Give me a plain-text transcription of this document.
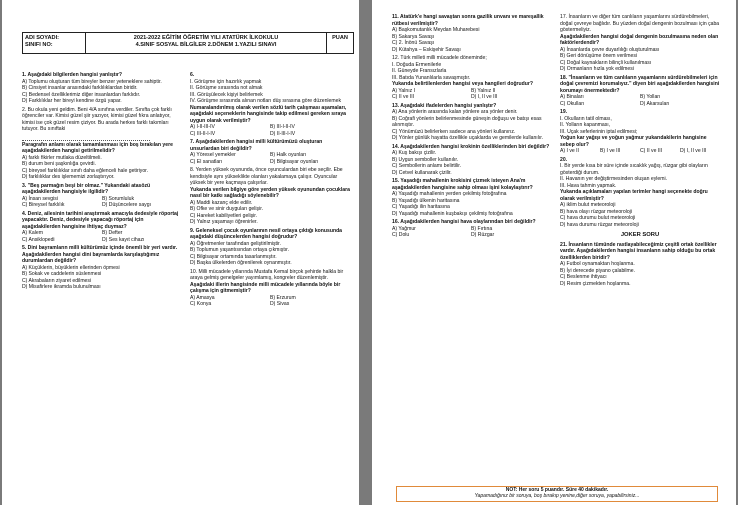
ADI SOYADI:
SINIFI NO:
2021-2022 EĞİTİM ÖĞRETİM YILI ATATÜRK İLKOKULU
4.SINIF SOSYAL BİLGİLER 2.DÖNEM 1.YAZILI SINAVI
PUAN
1. Aşağıdaki bilgilerden hangisi yanlıştır?
A) Toplumu oluşturan tüm bireyler benzer yeteneklere sahiptir.
B) Cinsiyet insanlar arasındaki farklılıklardan biridir.
C) Bedensel özelliklerimiz diğer insanlardan farklıdır.
D) Farklılıklar her bireyi kendine özgü yapar.
2. Bu okula yeni geldim. Beni 4/A sınıfına verdiler. Sınıfta çok farklı öğrenciler var. Kimisi güzel şiir yazıyor, kimisi güzel fıkra anlatıyor, kimisi ise çok güzel resim çiziyor. Bu arada herkes farklı takımları tutuyor. Bu sınıftaki
Paragrafın anlamı olarak tamamlanması için boş bırakılan yere aşağıdakilerden hangisi getirilmelidir?
A) farklı fikirler mutlaka düzeltilmeli.
B) durum beni şaşkınlığa çevirdi.
C) bireysel farklılıklar sınıfı daha eğlenceli hale getiriyor.
D) farklılıklar des işlememizi zorlaştırıyor.
3. "Beş parmağın beşi bir olmaz." Yukarıdaki atasözü aşağıdakilerden hangisiyle ilgilidir?
A) İnsan sevgisi	B) Sorumluluk
C) Bireysel farklılık	D) Düşüncelere saygı
4. Deniz, ailesinin tarihini araştırmak amacıyla dedesiyle röportaj yapacaktır. Deniz, dedesiyle yapacağı röportaj için aşağıdakilerden hangisine ihtiyaç duymaz?
A) Kalem	B) Defter
C) Ansiklopedi	D) Ses kayıt cihazı
5. Dini bayramların milli kültürümüz içinde önemli bir yeri vardır. Aşağıdakilerden hangisi dini bayramlarda karşılaştığımız durumlardan değildir?
A) Küçüklerin, büyüklerin ellerinden öpmesi
B) Sokak ve caddelerin süslenmesi
C) Akrabaların ziyaret edilmesi
D) Misafirlere ikramda bulunulması
6.
I. Görüşme için hazırlık yapmak
II. Görüşme sırasında not almak
III. Görüşülecek kişiyi belirlemek
IV. Görüşme sırasında alınan notları düş sırasına göre düzenlemek
Numaralandırılmış olarak verilen sözlü tarih çalışması aşamaları, aşağıdaki seçeneklerin hangisinde takip edilmesi gereken sıraya uygun olarak verilmiştir?
A) I-II-III-IV	B) III-I-II-IV
C) III-II-I-IV	D) II-III-I-IV
7. Aşağıdakilerden hangisi milli kültürümüzü oluşturan unsurlardan biri değildir?
A) Yöresel yemekler	B) Halk oyunları
C) El sanatları	D) Bilgisayar oyunları
8. Yerden yüksek oyununda, önce oyunculardan biri ebe seçilir. Ebe kendisiyle aynı yükseklikte olanları yakalamaya çalışır. Oyuncular yüksek bir yere kaçmaya çalışırlar.
Yukarıda verilen bilgiye göre yerden yüksek oyunundan çocuklara nasıl bir katkı sağladığı söylenebilir?
A) Maddi kazanç elde edilir.
B) Ofke ve sinir duyguları gelişir.
C) Hareket kabiliyetleri gelişir.
D) Yalnız yaşamayı öğrenirler.
9. Geleneksel çocuk oyunlarının nesil ortaya çıktığı konusunda aşağıdaki düşüncelerden hangisi doğrudur?
A) Öğretmenler tarafından geliştirilmiştir.
B) Toplumun yaşantısından ortaya çıkmıştır.
C) Bilgisayar ortamında tasarlanmıştır.
D) Başka ülkelerden öğrenilerek oynanmıştır.
10. Milli mücadele yıllarında Mustafa Kemal birçok şehirde halkla bir araya gelmiş genelgeler yayımlamış, kongreler düzenlemiştir.
Aşağıdaki illerin hangisinde milli mücadele yıllarında böyle bir çalışma için gitmemiştir?
A) Amasya	B) Erzurum
C) Konya	D) Sivas
11. Atatürk'e hangi savaştan sonra gazilik unvanı ve mareşallik rütbesi verilmiştir?
A) Başkomutanlık Meydan Muharebesi
B) Sakarya Savaşı
C) 2. İnönü Savaşı
D) Kütahya – Eskişehir Savaşı
12. Türk milleti milli mücadele döneminde;
I. Doğuda Ermenilerle
II. Güneyde Fransızlarla
III. Batıda Yunanlılarla savaşmıştır.
Yukarıda belirtilenlerden hangisi veya hangileri doğrudur?
A) Yalnız I	B) Yalnız II
C) II ve III	D) I, II ve III
13. Aşağıdaki ifadelerden hangisi yanlıştır?
A) Ana yönlerin arasında kalan yönlere ara yönler denir.
B) Coğrafi yönlerin belirlenmesinde güneşin doğuşu ve batışı esas alınmıştır.
C) Yönümüzü belirlerken sadece ana yönleri kullanırız.
D) Yönler günlük hayatta özellikle uçaklarda ve gemilerde kullanılır.
14. Aşağıdakilerden hangisi krokinin özelliklerinden biri değildir?
A) Kuş bakışı çizilir.
B) Uygun semboller kullanılır.
C) Sembollerin anlamı belirtilir.
D) Cetvel kullanarak çizilir.
15. Yaşadığı mahallenin krokisini çizmek isteyen Ana'm aşağıdakilerden hangisine sahip olması işini kolaylaştırır?
A) Yaşadığı mahallenin yerden çekilmiş fotoğrafına
B) Yaşadığı ülkenin haritasına
C) Yaşadığı ilin haritasına
D) Yaşadığı mahallenin kuşbakışı çekilmiş fotoğrafına
16. Aşağıdakilerden hangisi hava olaylarından biri değildir?
A) Yağmur	B) Fırtına
C) Dolu	D) Rüzgar
17. İnsanların ve diğer tüm canlıların yaşamlarını sürdürebilmeleri, doğal çevreye bağlıdır. Bu yüzden doğal dengenin bozulması için çaba göstermeliyiz.
Aşağıdakilerden hangisi doğal dengenin bozulmasına neden olan faktörlerdendir?
A) İnsanlarda çevre duyarlılığı oluşturulması
B) Geri dönüşüme önem verilmesi
C) Doğal kaynakların bilinçli kullanılması
D) Ormanların hızla yok edilmesi
18. "İnsanların ve tüm canlıların yaşamlarını sürdürebilmeleri için doğal çevremizi korumalıyız." diyen biri aşağıdakilerden hangisini korumayı önermektedir?
A) Binaları	B) Yolları
C) Okulları	D) Akarsuları
19.
I. Okulların tatil olması,
II. Yolların kapanması,
III. Uçak seferlerinin iptal edilmesi;
Yoğun kar yağışı ve yoğun yağmur yukarıdakilerin hangisine sebep olur?
A) I ve II	B) I ve III	C) II ve III	D) I, II ve III
20.
I. Bir yerde kısa bir süre içinde sıcaklık yağış, rüzgar gibi olayların gösterdiği durum.
II. Havanın yer değiştirmesinden oluşan eylemi.
III. Hava tahmin yapmak.
Yukarıda açıklamaları yapılan terimler hangi seçenekte doğru olarak verilmiştir?
A) iklim bulut meteoroloji
B) hava olayı rüzgar meteoroloji
C) hava durumu bulut meteoroloji
D) hava durumu rüzgar meteoroloji
JOKER SORU
21. İnsanların tümünde rastlayabileceğimiz çeşitli ortak özellikler vardır. Aşağıdakilerden hangisi insanların sahip olduğu bu ortak özelliklerden biridir?
A) Futbol oynamaktan hoşlanma.
B) İyi derecede piyano çalabilme.
C) Beslenme ihtiyacı
D) Resim çizmekten hoşlanma.
NOT: Her soru 5 puandır. Süre 40 dakikadır.
Yapamadığınız bir soruya, boş bırakıp yenine,diğer soruya, yapabilirsiniz...
